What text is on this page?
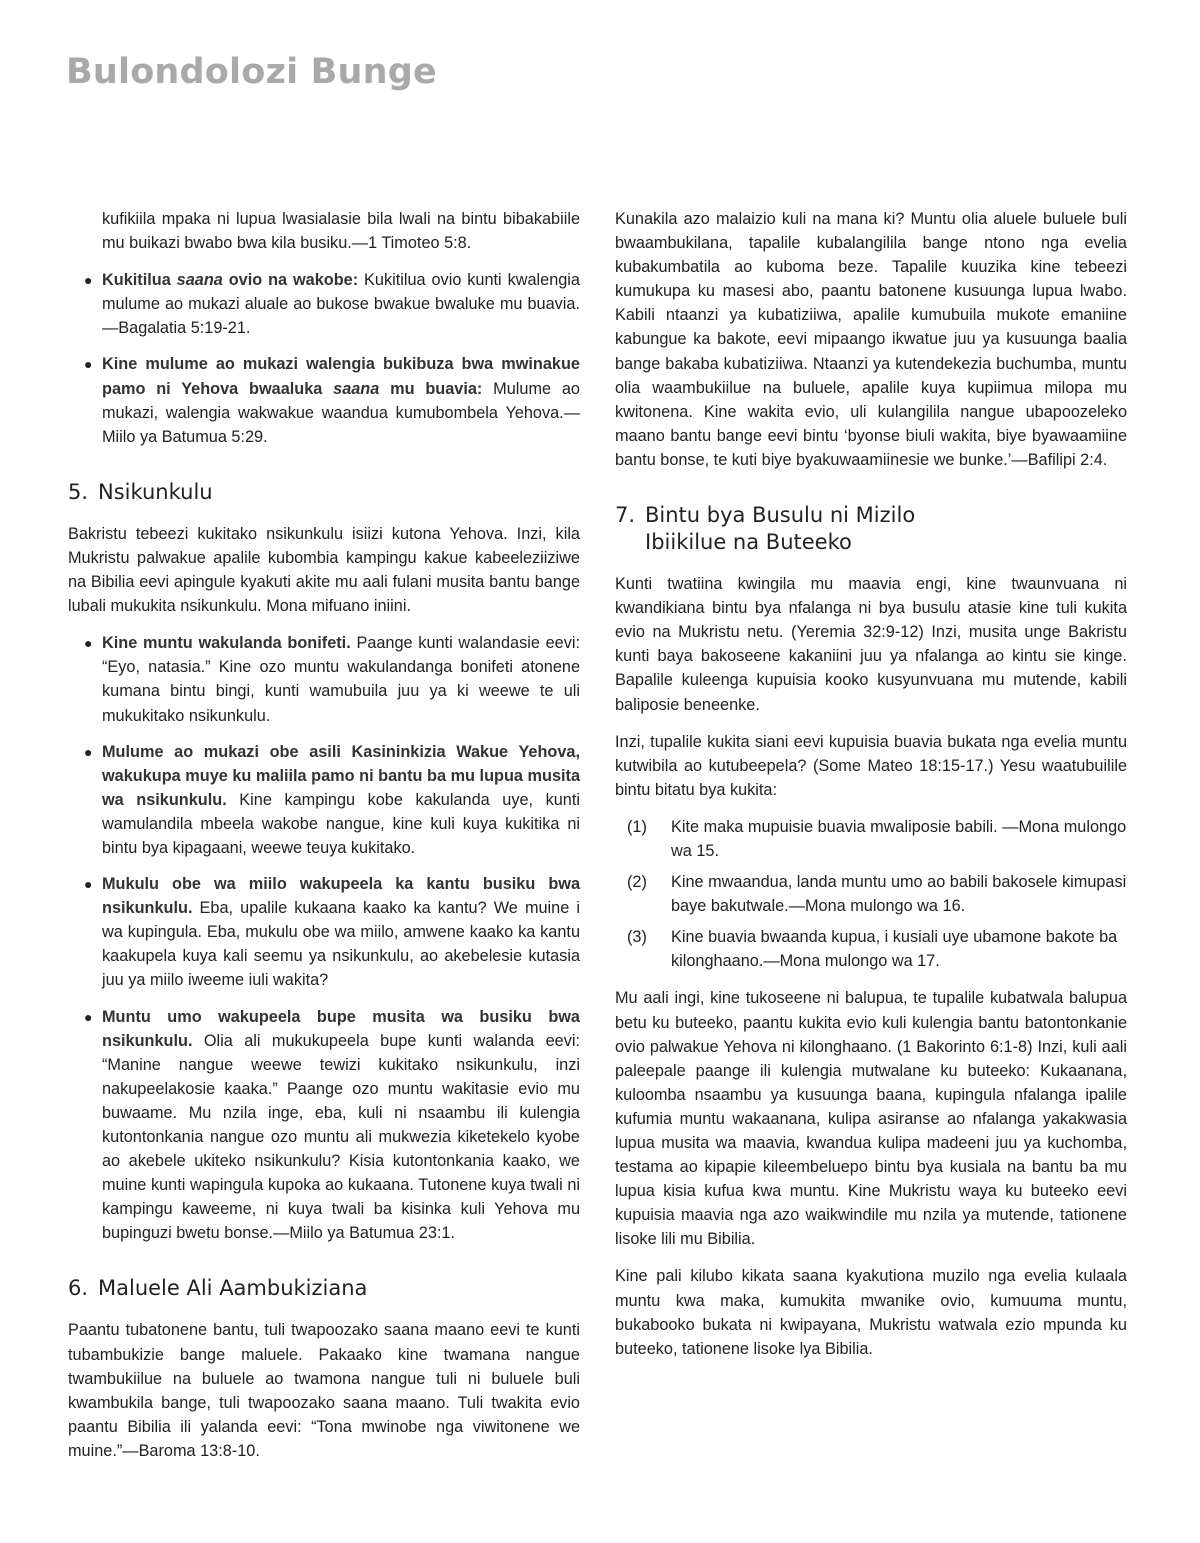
Bulondolozi Bunge

kufikiila mpaka ni lupua lwasialasie bila lwali na bintu bibakabiile mu buikazi bwabo bwa kila busiku.—1 Timoteo 5:8.

● Kukitilua saana ovio na wakobe: Kukitilua ovio kunti kwalengia mulume ao mukazi aluale ao bukose bwakue bwaluke mu buavia.—Bagalatia 5:19-21.
● Kine mulume ao mukazi walengia bukibuza bwa mwinakue pamo ni Yehova bwaaluka saana mu buavia: Mulume ao mukazi, walengia wakwakue waandua kumubombela Yehova.—Miilo ya Batumua 5:29.
5. Nsikunkulu

Bakristu tebeezi kukitako nsikunkulu isiizi kutona Yehova. Inzi, kila Mukristu palwakue apalile kubombia kampingu kakue kabeeleziiziwe na Bibilia eevi apingule kyakuti akite mu aali fulani musita bantu bange lubali mukukita nsikunkulu. Mona mifuano iniini.

● Kine muntu wakulanda bonifeti. Paange kunti walandasie eevi: “Eyo, natasia.” Kine ozo muntu wakulandanga bonifeti atonene kumana bintu bingi, kunti wamubuila juu ya ki weewe te uli mukukitako nsikunkulu.
● Mulume ao mukazi obe asili Kasininkizia Wakue Yehova, wakukupa muye ku maliila pamo ni bantu ba mu lupua musita wa nsikunkulu. Kine kampingu kobe kakulanda uye, kunti wamulandila mbeela wakobe nangue, kine kuli kuya kukitika ni bintu bya kipagaani, weewe teuya kukitako.
● Mukulu obe wa miilo wakupeela ka kantu busiku bwa nsikunkulu. Eba, upalile kukaana kaako ka kantu? We muine i wa kupingula. Eba, mukulu obe wa miilo, amwene kaako ka kantu kaakupela kuya kali seemu ya nsikunkulu, ao akebelesie kutasia juu ya miilo iweeme iuli wakita?
● Muntu umo wakupeela bupe musita wa busiku bwa nsikunkulu. Olia ali mukukupeela bupe kunti walanda eevi: “Manine nangue weewe tewizi kukitako nsikunkulu, inzi nakupeelakosie kaaka.” Paange ozo muntu wakitasie evio mu buwaame. Mu nzila inge, eba, kuli ni nsaambu ili kulengia kutontonkania nangue ozo muntu ali mukwezia kiketekelo kyobe ao akebele ukiteko nsikunkulu? Kisia kutontonkania kaako, we muine kunti wapingula kupoka ao kukaana. Tutonene kuya twali ni kampingu kaweeme, ni kuya twali ba kisinka kuli Yehova mu bupinguzi bwetu bonse.—Miilo ya Batumua 23:1.
6. Maluele Ali Aambukiziana

Paantu tubatonene bantu, tuli twapoozako saana maano eevi te kunti tubambukizie bange maluele. Pakaako kine twamana nangue twambukiilue na buluele ao twamona nangue tuli ni buluele buli kwambukila bange, tuli twapoozako saana maano. Tuli twakita evio paantu Bibilia ili yalanda eevi: “Tona mwinobe nga viwitonene we muine.”—Baroma 13:8-10.

Kunakila azo malaizio kuli na mana ki? Muntu olia aluele buluele buli bwaambukilana, tapalile kubalangilila bange ntono nga evelia kubakumbatila ao kuboma beze. Tapalile kuuzika kine tebeezi kumukupa ku masesi abo, paantu batonene kusuunga lupua lwabo. Kabili ntaanzi ya kubatiziiwa, apalile kumubuila mukote emaniine kabungue ka bakote, eevi mipaango ikwatue juu ya kusuunga baalia bange bakaba kubatiziiwa. Ntaanzi ya kutendekezia buchumba, muntu olia waambukiilue na buluele, apalile kuya kupiimua milopa mu kwitonena. Kine wakita evio, uli kulangilila nangue ubapoozeleko maano bantu bange eevi bintu ‘byonse biuli wakita, biye byawaamiine bantu bonse, te kuti biye byakuwaamiinesie we bunke.’—Bafilipi 2:4.

7. Bintu bya Busulu ni Mizilo
Ibiikilue na Buteeko

Kunti twatiina kwingila mu maavia engi, kine twaunvuana ni kwandikiana bintu bya nfalanga ni bya busulu atasie kine tuli kukita evio na Mukristu netu. (Yeremia 32:9-12) Inzi, musita unge Bakristu kunti baya bakoseene kakaniini juu ya nfalanga ao kintu sie kinge. Bapalile kuleenga kupuisia kooko kusyunvuana mu mutende, kabili baliposie beneenke.

Inzi, tupalile kukita siani eevi kupuisia buavia bukata nga evelia muntu kutwibila ao kutubeepela? (Some Mateo 18:15-17.) Yesu waatubuilile bintu bitatu bya kukita:

(1) Kite maka mupuisie buavia mwaliposie babili. —Mona mulongo wa 15.
(2) Kine mwaandua, landa muntu umo ao babili bakosele kimupasi baye bakutwale.—Mona mulongo wa 16.
(3) Kine buavia bwaanda kupua, i kusiali uye ubamone bakote ba kilonghaano.—Mona mulongo wa 17.

Mu aali ingi, kine tukoseene ni balupua, te tupalile kubatwala balupua betu ku buteeko, paantu kukita evio kuli kulengia bantu batontonkanie ovio palwakue Yehova ni kilonghaano. (1 Bakorinto 6:1-8) Inzi, kuli aali paleepale paange ili kulengia mutwalane ku buteeko: Kukaanana, kuloomba nsaambu ya kusuunga baana, kupingula nfalanga ipalile kufumia muntu wakaanana, kulipa asiranse ao nfalanga yakakwasia lupua musita wa maavia, kwandua kulipa madeeni juu ya kuchomba, testama ao kipapie kileembeluepo bintu bya kusiala na bantu ba mu lupua kisia kufua kwa muntu. Kine Mukristu waya ku buteeko eevi kupuisia maavia nga azo waikwindile mu nzila ya mutende, tationene lisoke lili mu Bibilia.

Kine pali kilubo kikata saana kyakutiona muzilo nga evelia kulaala muntu kwa maka, kumukita mwanike ovio, kumuuma muntu, bukabooko bukata ni kwipayana, Mukristu watwala ezio mpunda ku buteeko, tationene lisoke lya Bibilia.
